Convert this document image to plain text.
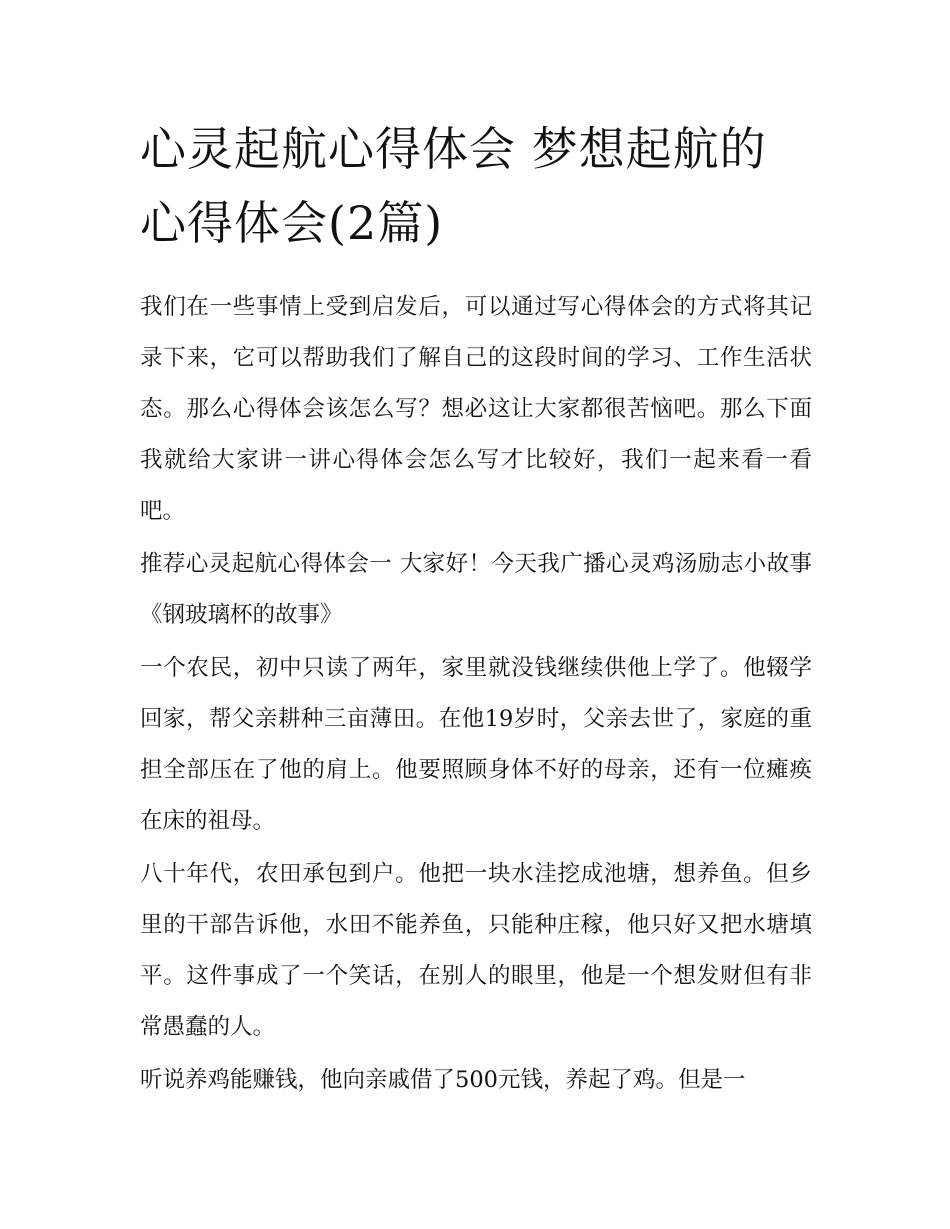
心灵起航心得体会 梦想起航的心得体会(2篇)

我们在一些事情上受到启发后，可以通过写心得体会的方式将其记录下来，它可以帮助我们了解自己的这段时间的学习、工作生活状态。那么心得体会该怎么写？想必这让大家都很苦恼吧。那么下面我就给大家讲一讲心得体会怎么写才比较好，我们一起来看一看吧。

推荐心灵起航心得体会一 大家好！今天我广播心灵鸡汤励志小故事《钢玻璃杯的故事》

一个农民，初中只读了两年，家里就没钱继续供他上学了。他辍学回家，帮父亲耕种三亩薄田。在他19岁时，父亲去世了，家庭的重担全部压在了他的肩上。他要照顾身体不好的母亲，还有一位瘫痪在床的祖母。

八十年代，农田承包到户。他把一块水洼挖成池塘，想养鱼。但乡里的干部告诉他，水田不能养鱼，只能种庄稼，他只好又把水塘填平。这件事成了一个笑话，在别人的眼里，他是一个想发财但有非常愚蠢的人。

听说养鸡能赚钱，他向亲戚借了500元钱，养起了鸡。但是一
